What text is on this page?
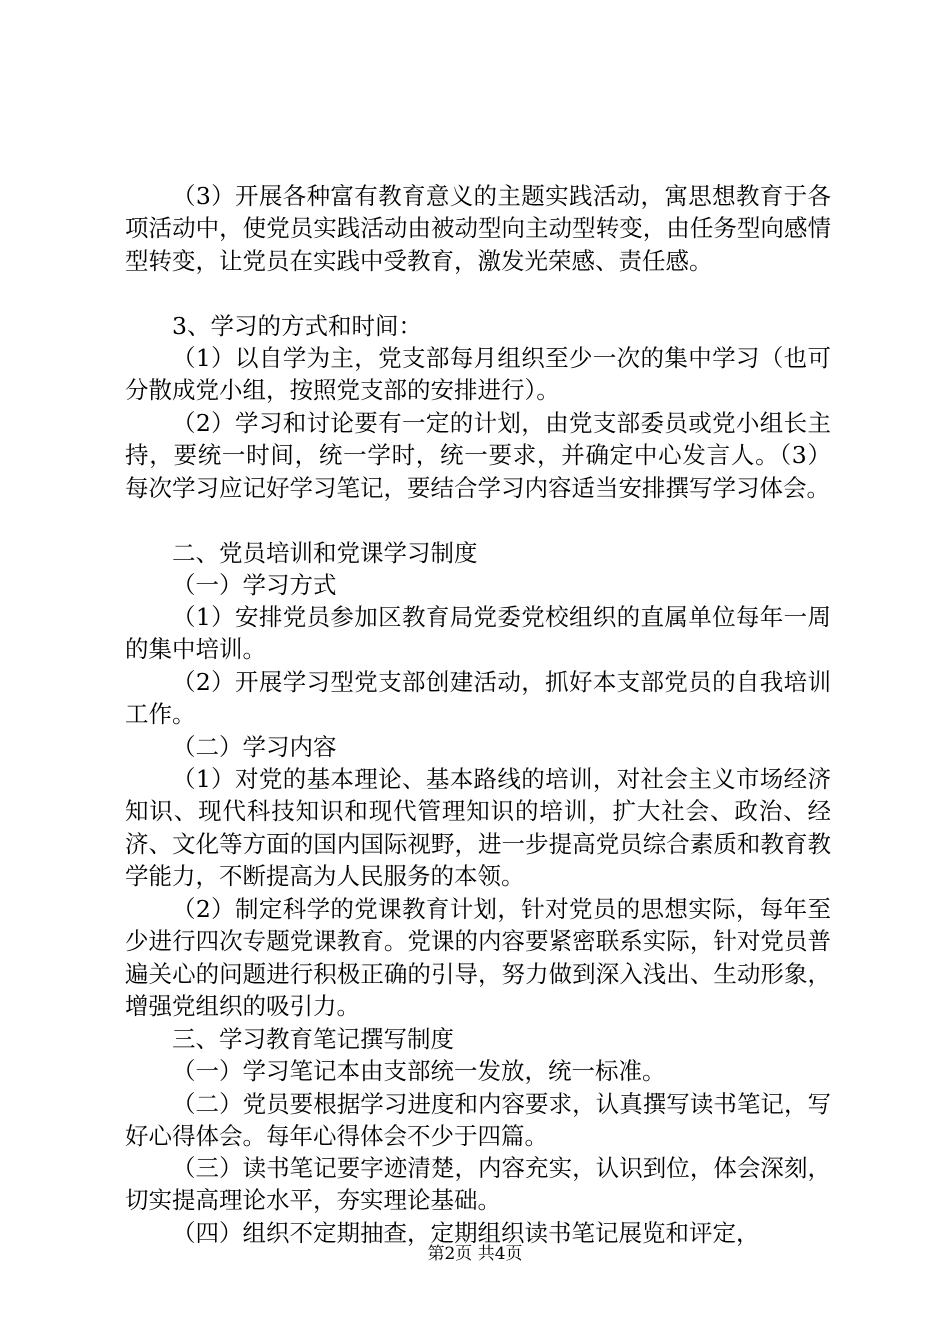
（3）开展各种富有教育意义的主题实践活动，寓思想教育于各项活动中，使党员实践活动由被动型向主动型转变，由任务型向感情型转变，让党员在实践中受教育，激发光荣感、责任感。

3、学习的方式和时间：

（1）以自学为主，党支部每月组织至少一次的集中学习（也可分散成党小组，按照党支部的安排进行）。

（2）学习和讨论要有一定的计划，由党支部委员或党小组长主持，要统一时间，统一学时，统一要求，并确定中心发言人。（3）每次学习应记好学习笔记，要结合学习内容适当安排撰写学习体会。

二、党员培训和党课学习制度

（一）学习方式

（1）安排党员参加区教育局党委党校组织的直属单位每年一周的集中培训。

（2）开展学习型党支部创建活动，抓好本支部党员的自我培训工作。

（二）学习内容

（1）对党的基本理论、基本路线的培训，对社会主义市场经济知识、现代科技知识和现代管理知识的培训，扩大社会、政治、经济、文化等方面的国内国际视野，进一步提高党员综合素质和教育教学能力，不断提高为人民服务的本领。

（2）制定科学的党课教育计划，针对党员的思想实际，每年至少进行四次专题党课教育。党课的内容要紧密联系实际，针对党员普遍关心的问题进行积极正确的引导，努力做到深入浅出、生动形象，增强党组织的吸引力。

三、学习教育笔记撰写制度

（一）学习笔记本由支部统一发放，统一标准。

（二）党员要根据学习进度和内容要求，认真撰写读书笔记，写好心得体会。每年心得体会不少于四篇。

（三）读书笔记要字迹清楚，内容充实，认识到位，体会深刻，切实提高理论水平，夯实理论基础。

（四）组织不定期抽查，定期组织读书笔记展览和评定，

第2页 共4页
